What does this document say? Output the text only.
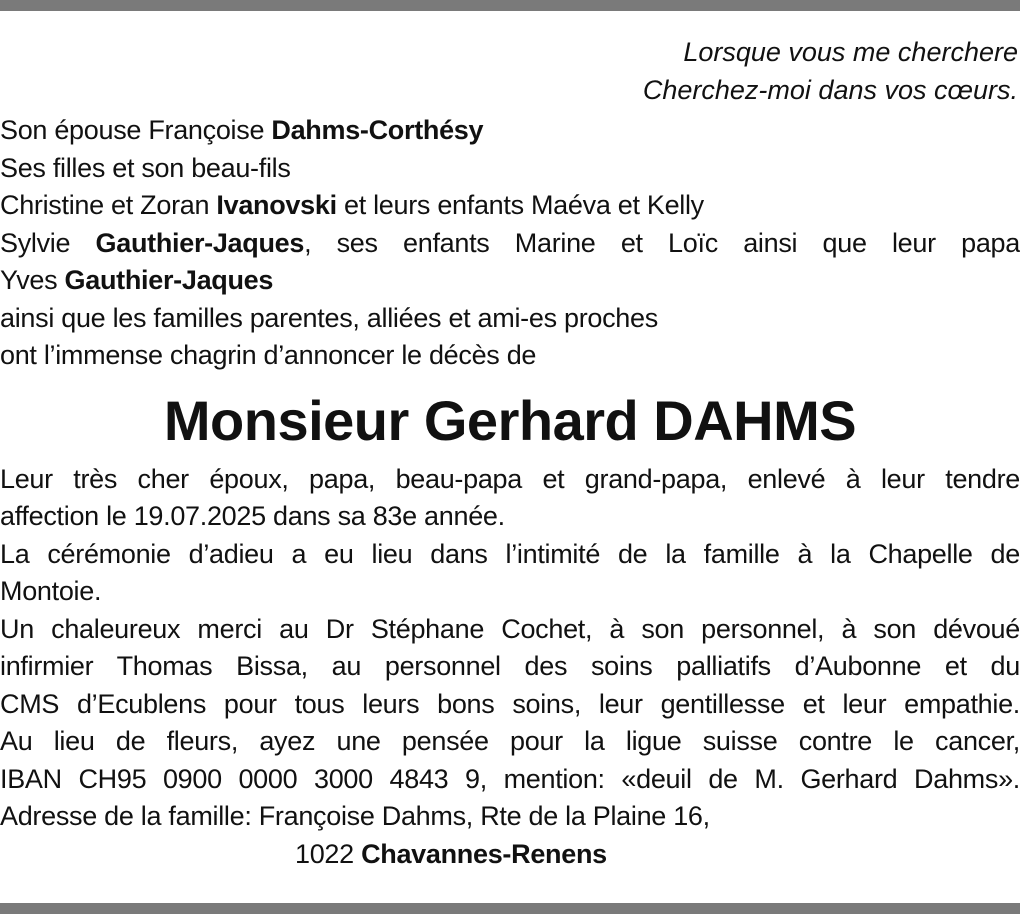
Lorsque vous me cherchere
Cherchez-moi dans vos cœurs.
Son épouse Françoise Dahms-Corthésy
Ses filles et son beau-fils
Christine et Zoran Ivanovski et leurs enfants Maéva et Kelly
Sylvie Gauthier-Jaques, ses enfants Marine et Loïc ainsi que leur papa
Yves Gauthier-Jaques
ainsi que les familles parentes, alliées et ami-es proches
ont l’immense chagrin d’annoncer le décès de
Monsieur Gerhard DAHMS
Leur très cher époux, papa, beau-papa et grand-papa, enlevé à leur tendre
affection le 19.07.2025 dans sa 83e année.
La cérémonie d’adieu a eu lieu dans l’intimité de la famille à la Chapelle de
Montoie.
Un chaleureux merci au Dr Stéphane Cochet, à son personnel, à son dévoué
infirmier Thomas Bissa, au personnel des soins palliatifs d’Aubonne et du
CMS d’Ecublens pour tous leurs bons soins, leur gentillesse et leur empathie.
Au lieu de fleurs, ayez une pensée pour la ligue suisse contre le cancer,
IBAN CH95 0900 0000 3000 4843 9, mention: «deuil de M. Gerhard Dahms».
Adresse de la famille: Françoise Dahms, Rte de la Plaine 16,
1022 Chavannes-Renens
